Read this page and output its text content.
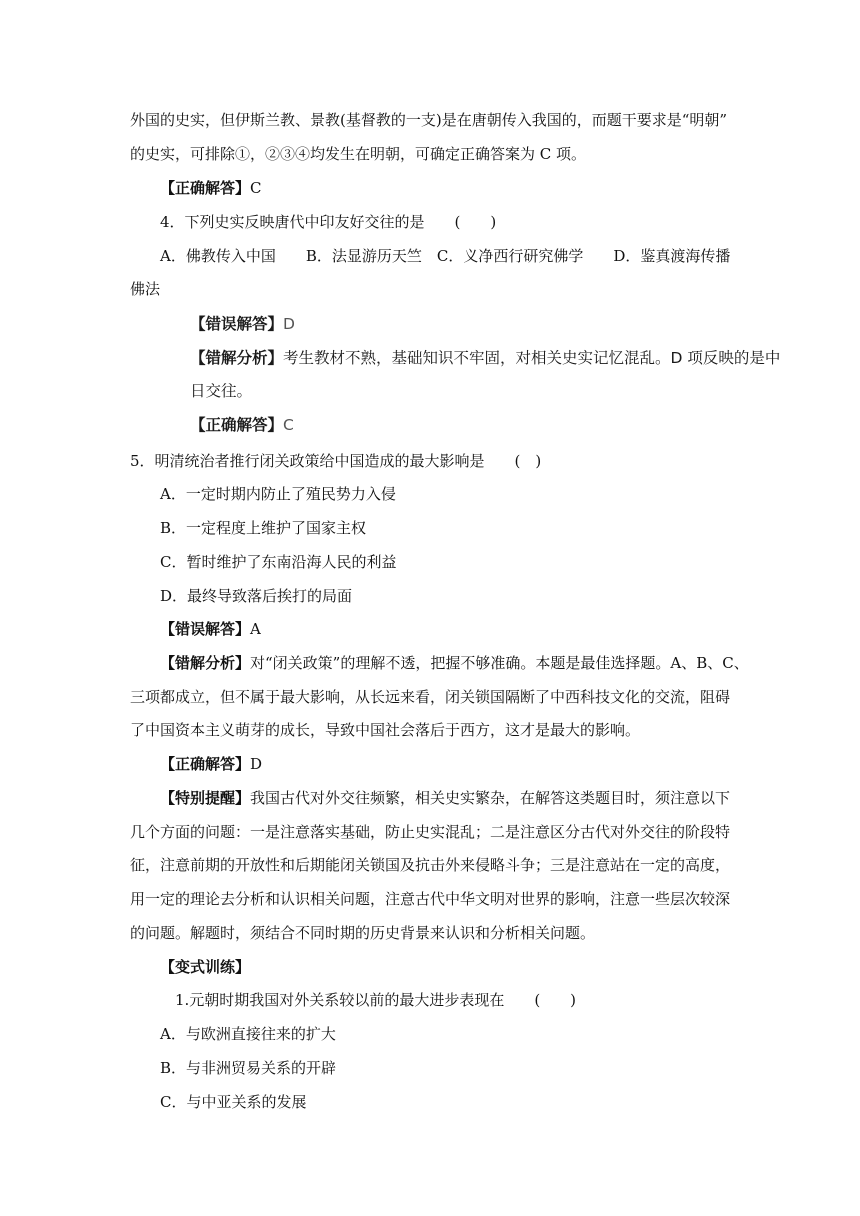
外国的史实，但伊斯兰教、景教(基督教的一支)是在唐朝传入我国的，而题干要求是“明朝”
的史实，可排除①，②③④均发生在明朝，可确定正确答案为 C 项。
【正确解答】C
4．下列史实反映唐代中印友好交往的是　　(　　)
A．佛教传入中国　　B．法显游历天竺　C．义净西行研究佛学　　D．鉴真渡海传播
佛法
【错误解答】D
【错解分析】考生教材不熟，基础知识不牢固，对相关史实记忆混乱。D 项反映的是中
日交往。
【正确解答】C
5．明清统治者推行闭关政策给中国造成的最大影响是　　(　)
A．一定时期内防止了殖民势力入侵
B．一定程度上维护了国家主权
C．暂时维护了东南沿海人民的利益
D．最终导致落后挨打的局面
【错误解答】A
【错解分析】对“闭关政策”的理解不透，把握不够准确。本题是最佳选择题。A、B、C、
三项都成立，但不属于最大影响，从长远来看，闭关锁国隔断了中西科技文化的交流，阻碍
了中国资本主义萌芽的成长，导致中国社会落后于西方，这才是最大的影响。
【正确解答】D
【特别提醒】我国古代对外交往频繁，相关史实繁杂，在解答这类题目时，须注意以下
几个方面的问题：一是注意落实基础，防止史实混乱；二是注意区分古代对外交往的阶段特
征，注意前期的开放性和后期能闭关锁国及抗击外来侵略斗争；三是注意站在一定的高度，
用一定的理论去分析和认识相关问题，注意古代中华文明对世界的影响，注意一些层次较深
的问题。解题时，须结合不同时期的历史背景来认识和分析相关问题。
【变式训练】
1.元朝时期我国对外关系较以前的最大进步表现在　　(　　)
A．与欧洲直接往来的扩大
B．与非洲贸易关系的开辟
C．与中亚关系的发展
